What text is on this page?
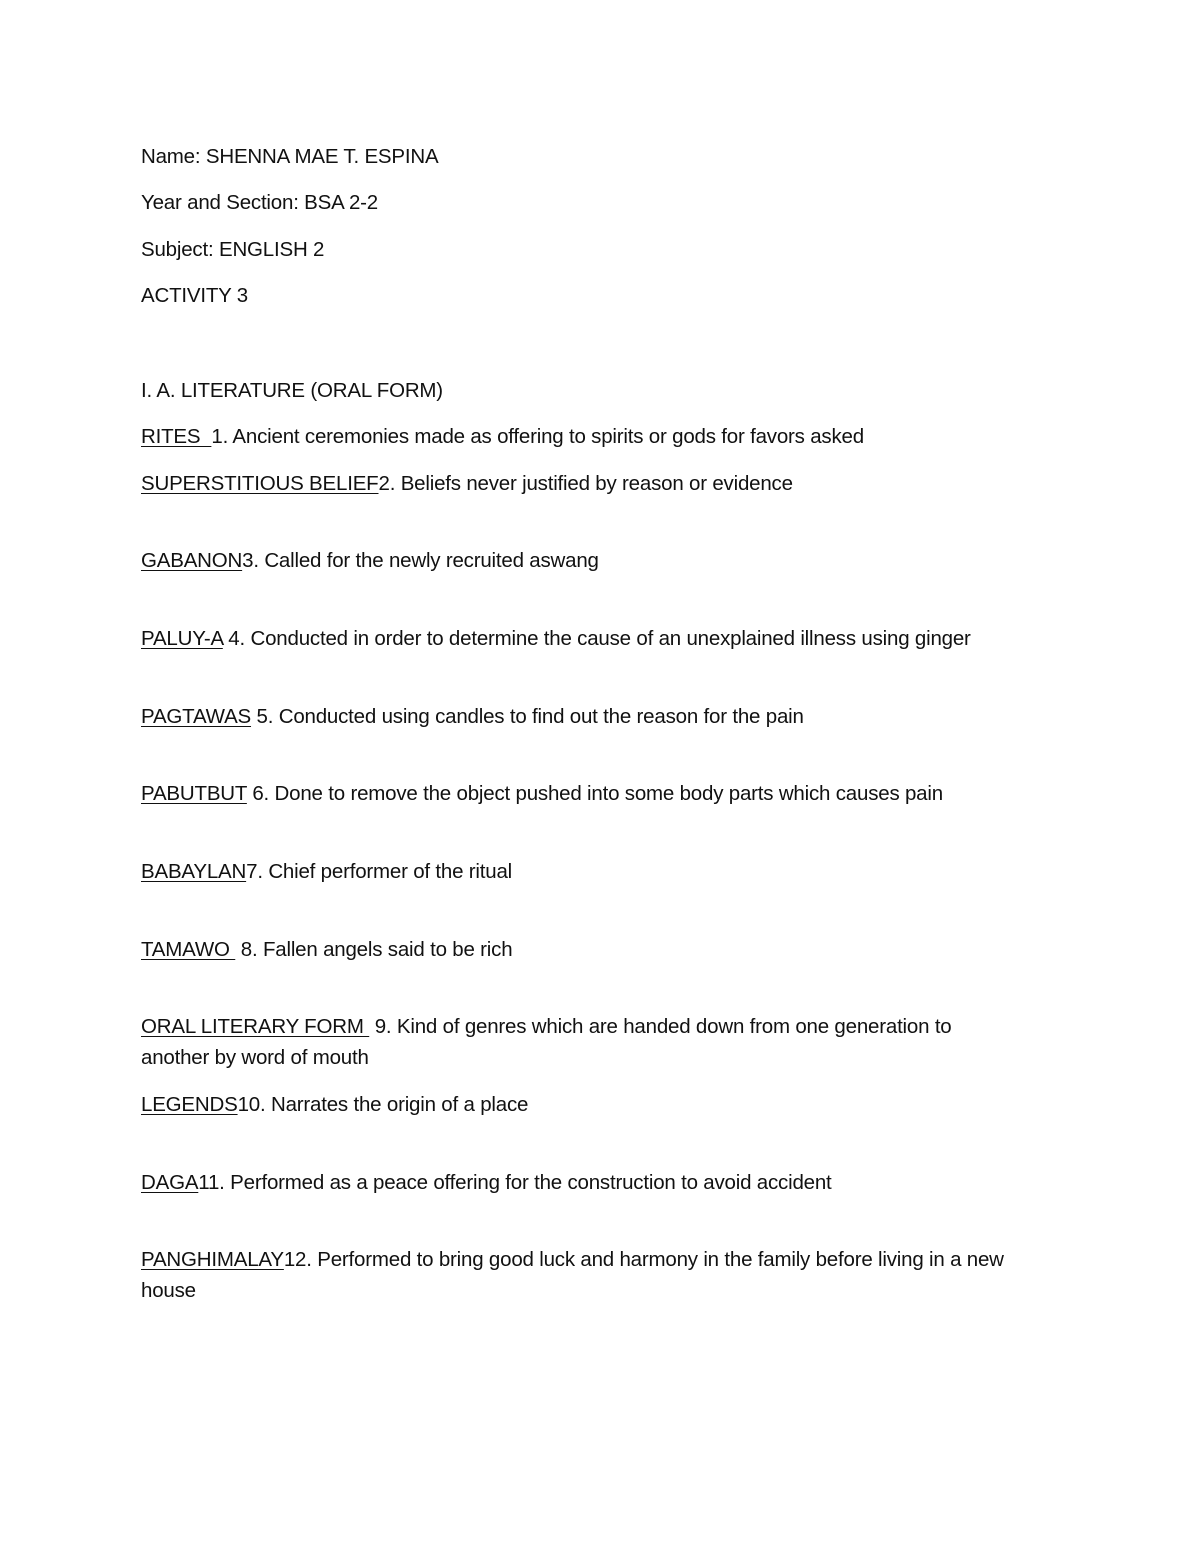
Name: SHENNA MAE T. ESPINA
Year and Section: BSA 2-2
Subject: ENGLISH 2
ACTIVITY 3
I. A. LITERATURE (ORAL FORM)
RITES  1. Ancient ceremonies made as offering to spirits or gods for favors asked
SUPERSTITIOUS BELIEF2. Beliefs never justified by reason or evidence
GABANON3. Called for the newly recruited aswang
PALUY-A 4. Conducted in order to determine the cause of an unexplained illness using ginger
PAGTAWAS 5. Conducted using candles to find out the reason for the pain
PABUTBUT 6. Done to remove the object pushed into some body parts which causes pain
BABAYLAN7. Chief performer of the ritual
TAMAWO  8. Fallen angels said to be rich
ORAL LITERARY FORM  9. Kind of genres which are handed down from one generation to another by word of mouth
LEGENDS10. Narrates the origin of a place
DAGA11. Performed as a peace offering for the construction to avoid accident
PANGHIMALAY12. Performed to bring good luck and harmony in the family before living in a new house
